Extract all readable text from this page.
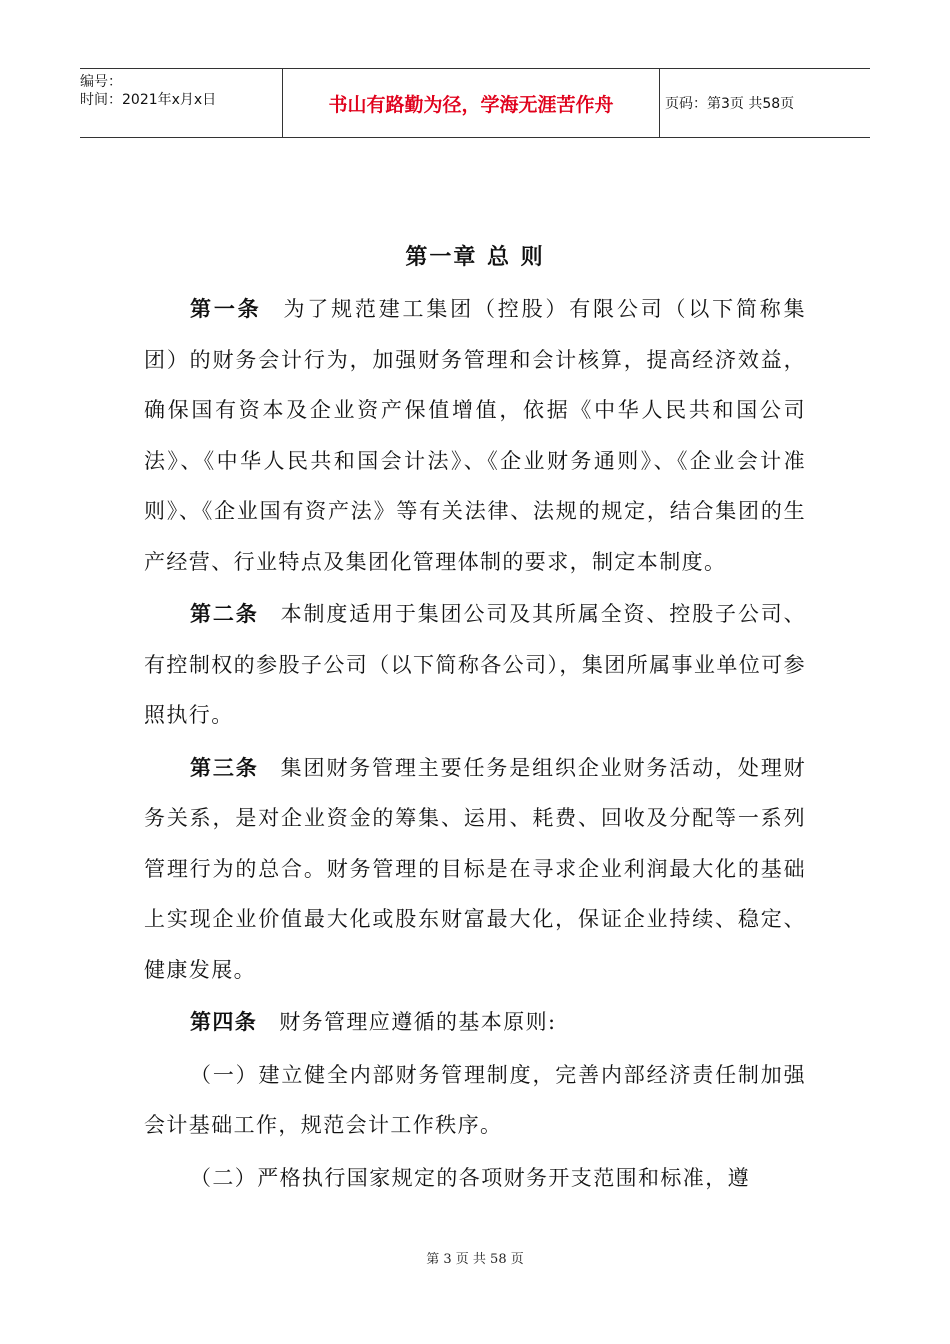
编号：
时间：2021年x月x日	书山有路勤为径，学海无涯苦作舟	页码：第3页 共58页
第一章 总 则

第一条 为了规范建工集团（控股）有限公司（以下简称集团）的财务会计行为，加强财务管理和会计核算，提高经济效益，确保国有资本及企业资产保值增值，依据《中华人民共和国公司法》、《中华人民共和国会计法》、《企业财务通则》、《企业会计准则》、《企业国有资产法》等有关法律、法规的规定，结合集团的生产经营、行业特点及集团化管理体制的要求，制定本制度。

第二条 本制度适用于集团公司及其所属全资、控股子公司、有控制权的参股子公司（以下简称各公司），集团所属事业单位可参照执行。

第三条 集团财务管理主要任务是组织企业财务活动，处理财务关系，是对企业资金的筹集、运用、耗费、回收及分配等一系列管理行为的总合。财务管理的目标是在寻求企业利润最大化的基础上实现企业价值最大化或股东财富最大化，保证企业持续、稳定、健康发展。

第四条 财务管理应遵循的基本原则:

（一）建立健全内部财务管理制度，完善内部经济责任制加强会计基础工作，规范会计工作秩序。

（二）严格执行国家规定的各项财务开支范围和标准，遵

第 3 页 共 58 页
